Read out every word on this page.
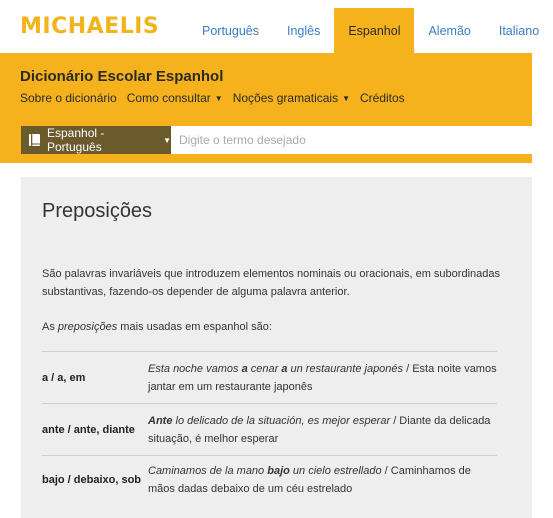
MICHAELIS	Português	Inglês	Espanhol	Alemão	Italiano
Dicionário Escolar Espanhol
Sobre o dicionário Como consultar ▼ Noções gramaticais ▼ Créditos
Espanhol - Português	▼
Digite o termo desejado
Preposições

São palavras invariáveis que introduzem elementos nominais ou oracionais, em subordinadas substantivas, fazendo-os depender de alguma palavra anterior.

As preposições mais usadas em espanhol são:

a / a, em	Esta noche vamos a cenar a un restaurante japonés / Esta noite vamos jantar em um restaurante japonês
ante / ante, diante	Ante lo delicado de la situación, es mejor esperar / Diante da delicada situação, é melhor esperar
bajo / debaixo, sob	Caminamos de la mano bajo un cielo estrellado / Caminhamos de mãos dadas debaixo de um céu estrelado
